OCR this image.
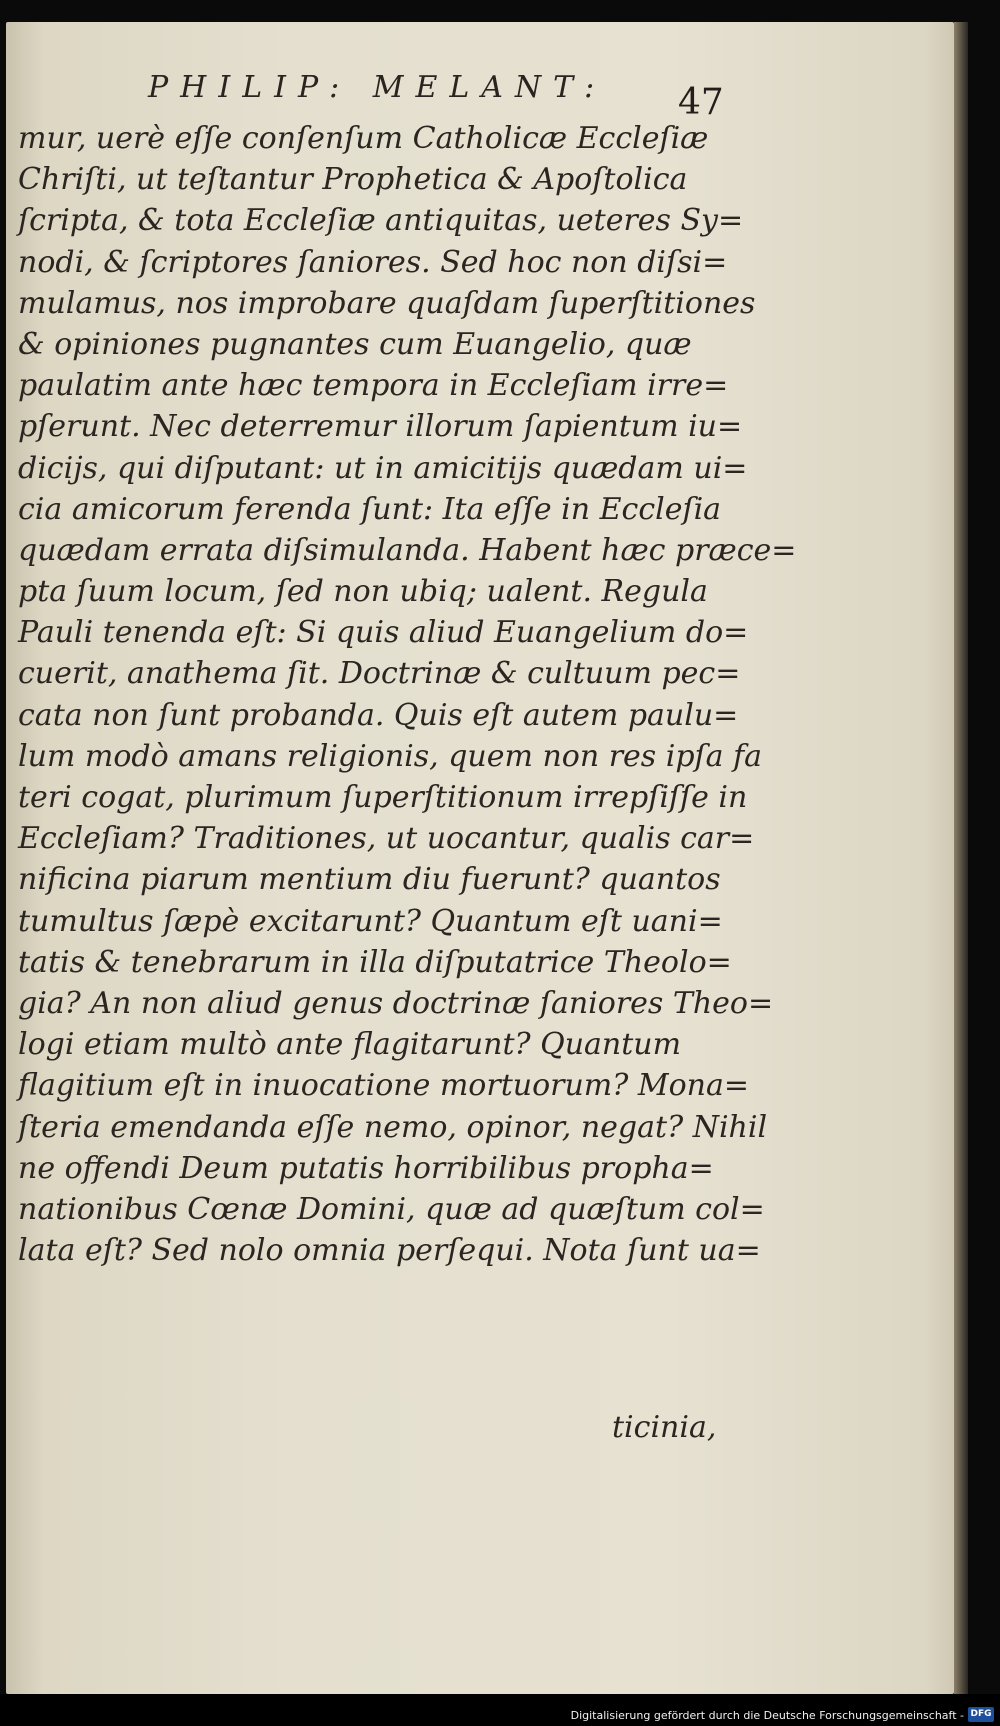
PHILIP: MELANT: 47
mur, uerè eſſe conſenſum Catholicæ Eccleſiæ
Chriſti, ut teſtantur Prophetica & Apoſtolica
ſcripta, & tota Eccleſiæ antiquitas, ueteres Sy=
nodi, & ſcriptores ſaniores. Sed hoc non diſsi=
mulamus, nos improbare quaſdam ſuperſtitiones
& opiniones pugnantes cum Euangelio, quæ
paulatim ante hæc tempora in Eccleſiam irre=
pſerunt. Nec deterremur illorum ſapientum iu=
dicijs, qui diſputant: ut in amicitijs quædam ui=
cia amicorum ferenda ſunt: Ita eſſe in Eccleſia
quædam errata diſsimulanda. Habent hæc præce=
pta ſuum locum, ſed non ubiq; ualent. Regula
Pauli tenenda eſt: Si quis aliud Euangelium do=
cuerit, anathema ſit. Doctrinæ & cultuum pec=
cata non ſunt probanda. Quis eſt autem paulu=
lum modò amans religionis, quem non res ipſa fa
teri cogat, plurimum ſuperſtitionum irrepſiſſe in
Eccleſiam? Traditiones, ut uocantur, qualis car=
nificina piarum mentium diu fuerunt? quantos
tumultus ſæpè excitarunt? Quantum eſt uani=
tatis & tenebrarum in illa diſputatrice Theolo=
gia? An non aliud genus doctrinæ ſaniores Theo=
logi etiam multò ante flagitarunt? Quantum
flagitium eſt in inuocatione mortuorum? Mona=
ſteria emendanda eſſe nemo, opinor, negat? Nihil
ne offendi Deum putatis horribilibus propha=
nationibus Cœnæ Domini, quæ ad quæſtum col=
lata eſt? Sed nolo omnia perſequi. Nota ſunt ua=
ticinia,
Digitalisierung gefördert durch die Deutsche Forschungsgemeinschaft - DFG
